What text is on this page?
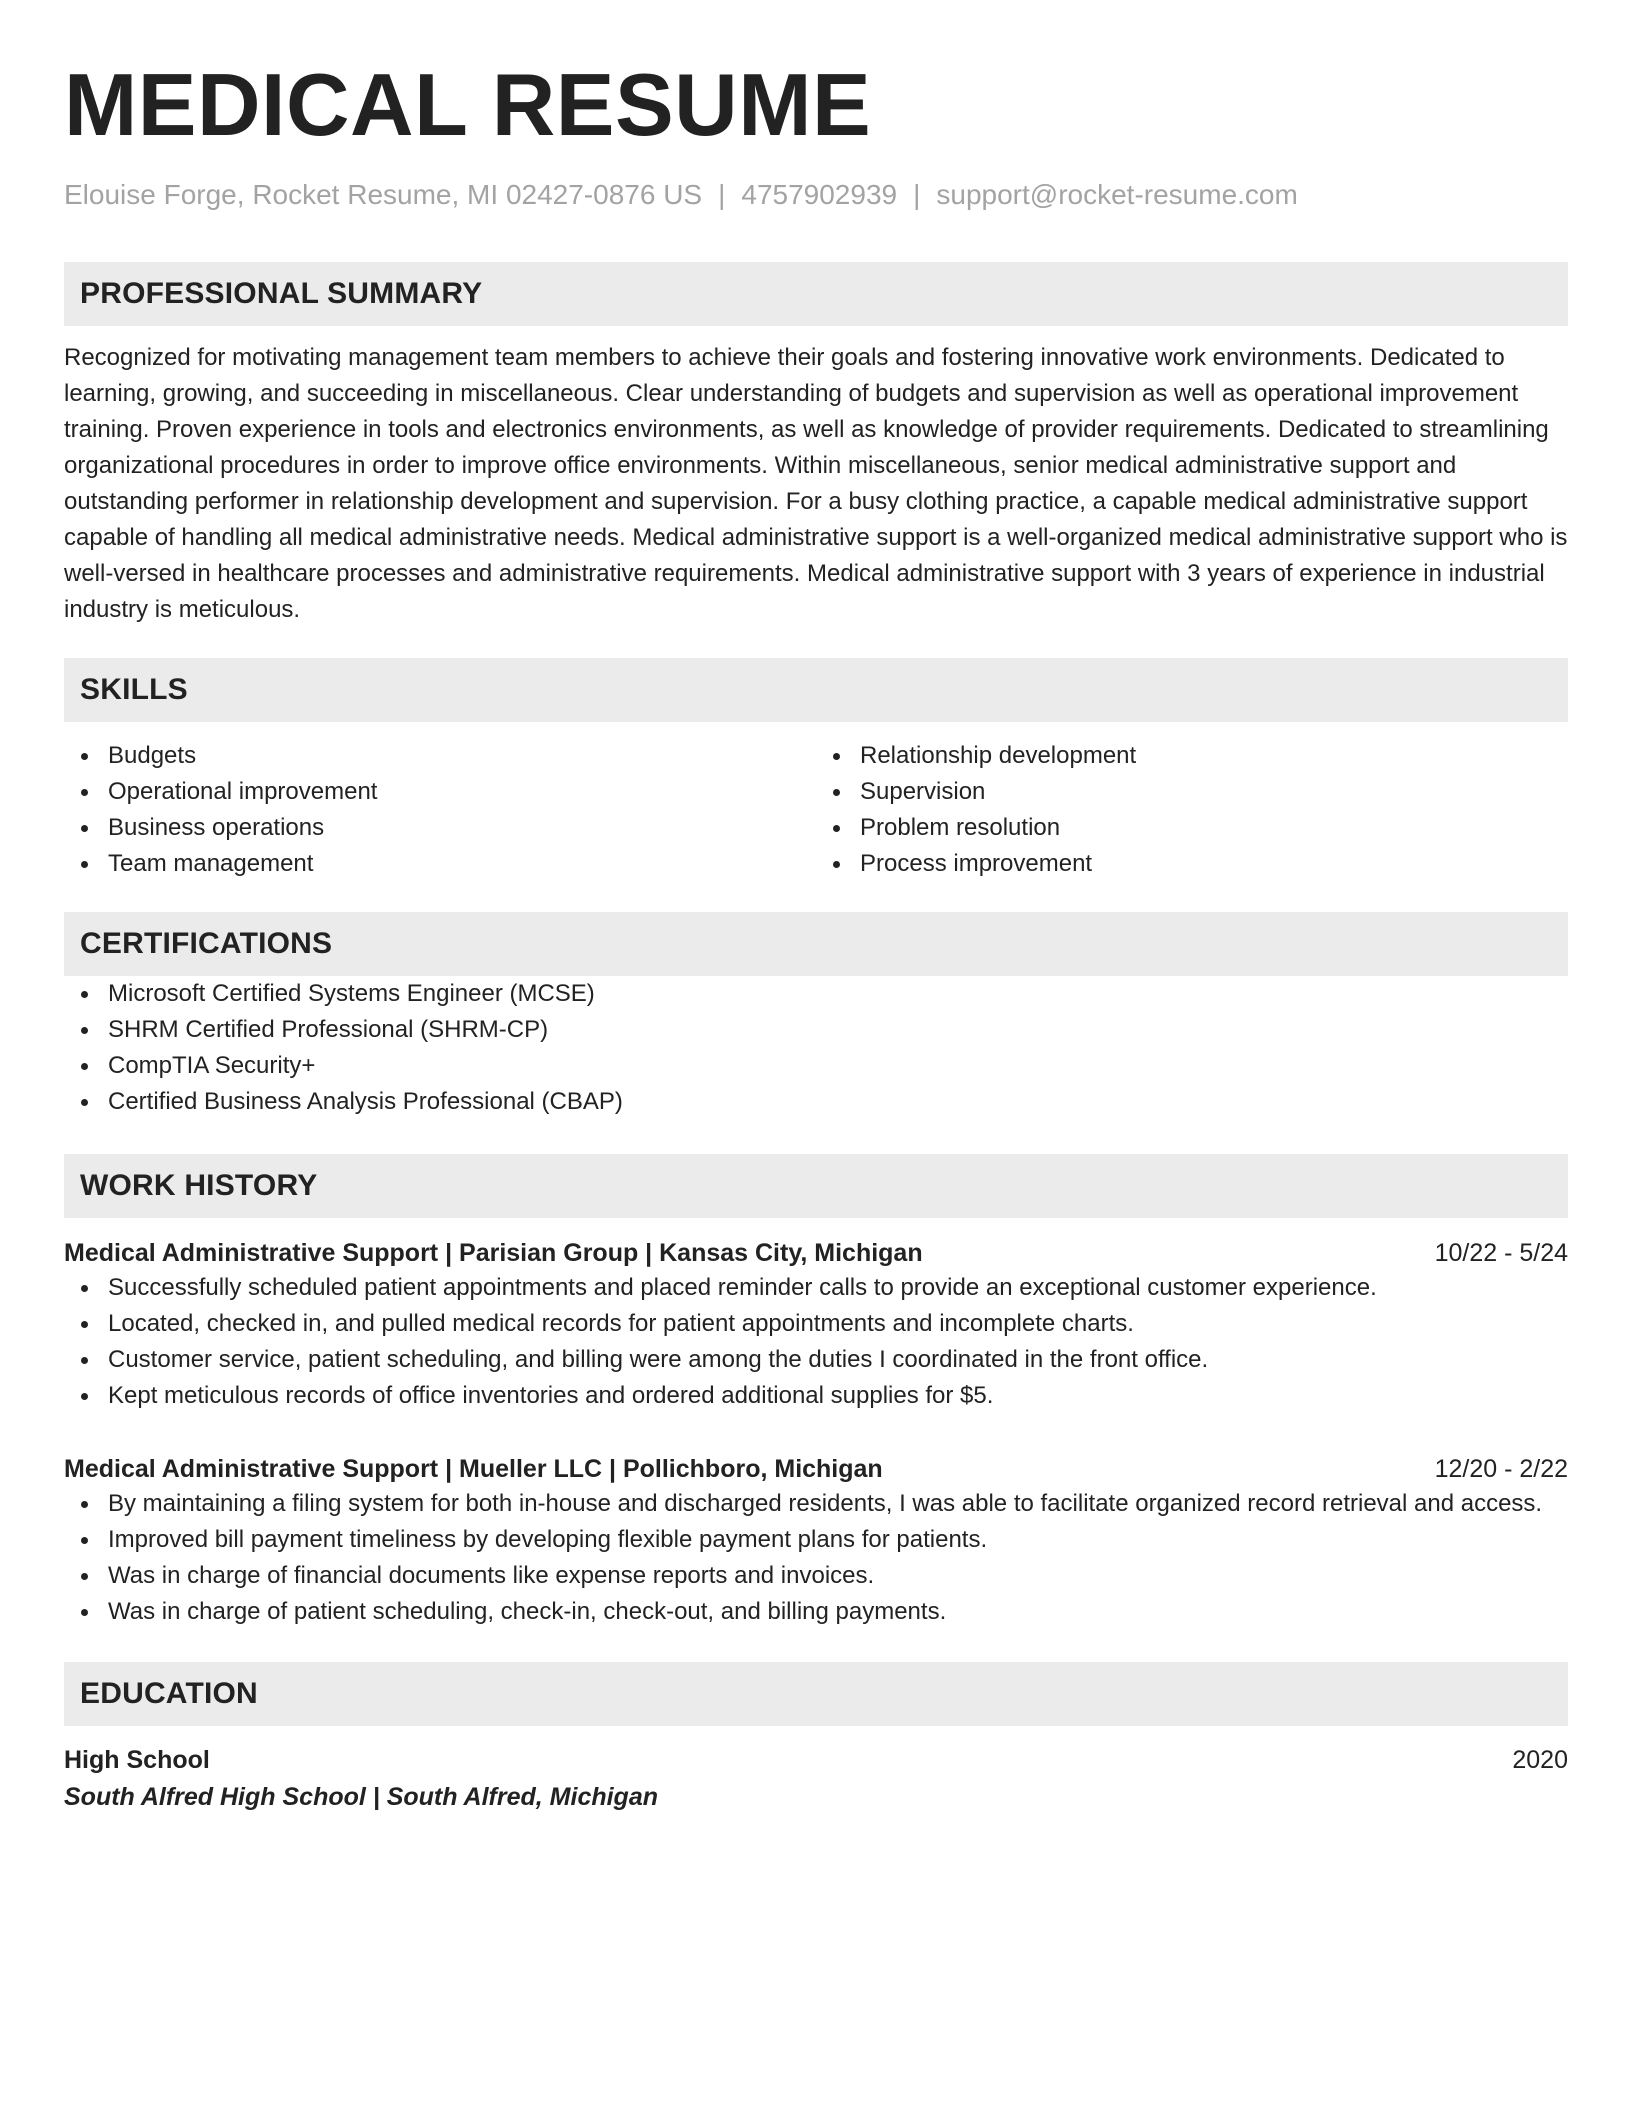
MEDICAL RESUME
Elouise Forge, Rocket Resume, MI 02427-0876 US | 4757902939 | support@rocket-resume.com
PROFESSIONAL SUMMARY

Recognized for motivating management team members to achieve their goals and fostering innovative work environments. Dedicated to learning, growing, and succeeding in miscellaneous. Clear understanding of budgets and supervision as well as operational improvement training. Proven experience in tools and electronics environments, as well as knowledge of provider requirements. Dedicated to streamlining organizational procedures in order to improve office environments. Within miscellaneous, senior medical administrative support and outstanding performer in relationship development and supervision. For a busy clothing practice, a capable medical administrative support capable of handling all medical administrative needs. Medical administrative support is a well-organized medical administrative support who is well-versed in healthcare processes and administrative requirements. Medical administrative support with 3 years of experience in industrial industry is meticulous.

SKILLS
Budgets
Operational improvement
Business operations
Team management
Relationship development
Supervision
Problem resolution
Process improvement
CERTIFICATIONS
Microsoft Certified Systems Engineer (MCSE)
SHRM Certified Professional (SHRM-CP)
CompTIA Security+
Certified Business Analysis Professional (CBAP)
WORK HISTORY
Medical Administrative Support | Parisian Group | Kansas City, Michigan	10/22 - 5/24
Successfully scheduled patient appointments and placed reminder calls to provide an exceptional customer experience.
Located, checked in, and pulled medical records for patient appointments and incomplete charts.
Customer service, patient scheduling, and billing were among the duties I coordinated in the front office.
Kept meticulous records of office inventories and ordered additional supplies for $5.
Medical Administrative Support | Mueller LLC | Pollichboro, Michigan	12/20 - 2/22
By maintaining a filing system for both in-house and discharged residents, I was able to facilitate organized record retrieval and access.
Improved bill payment timeliness by developing flexible payment plans for patients.
Was in charge of financial documents like expense reports and invoices.
Was in charge of patient scheduling, check-in, check-out, and billing payments.
EDUCATION
High School	2020
South Alfred High School | South Alfred, Michigan
